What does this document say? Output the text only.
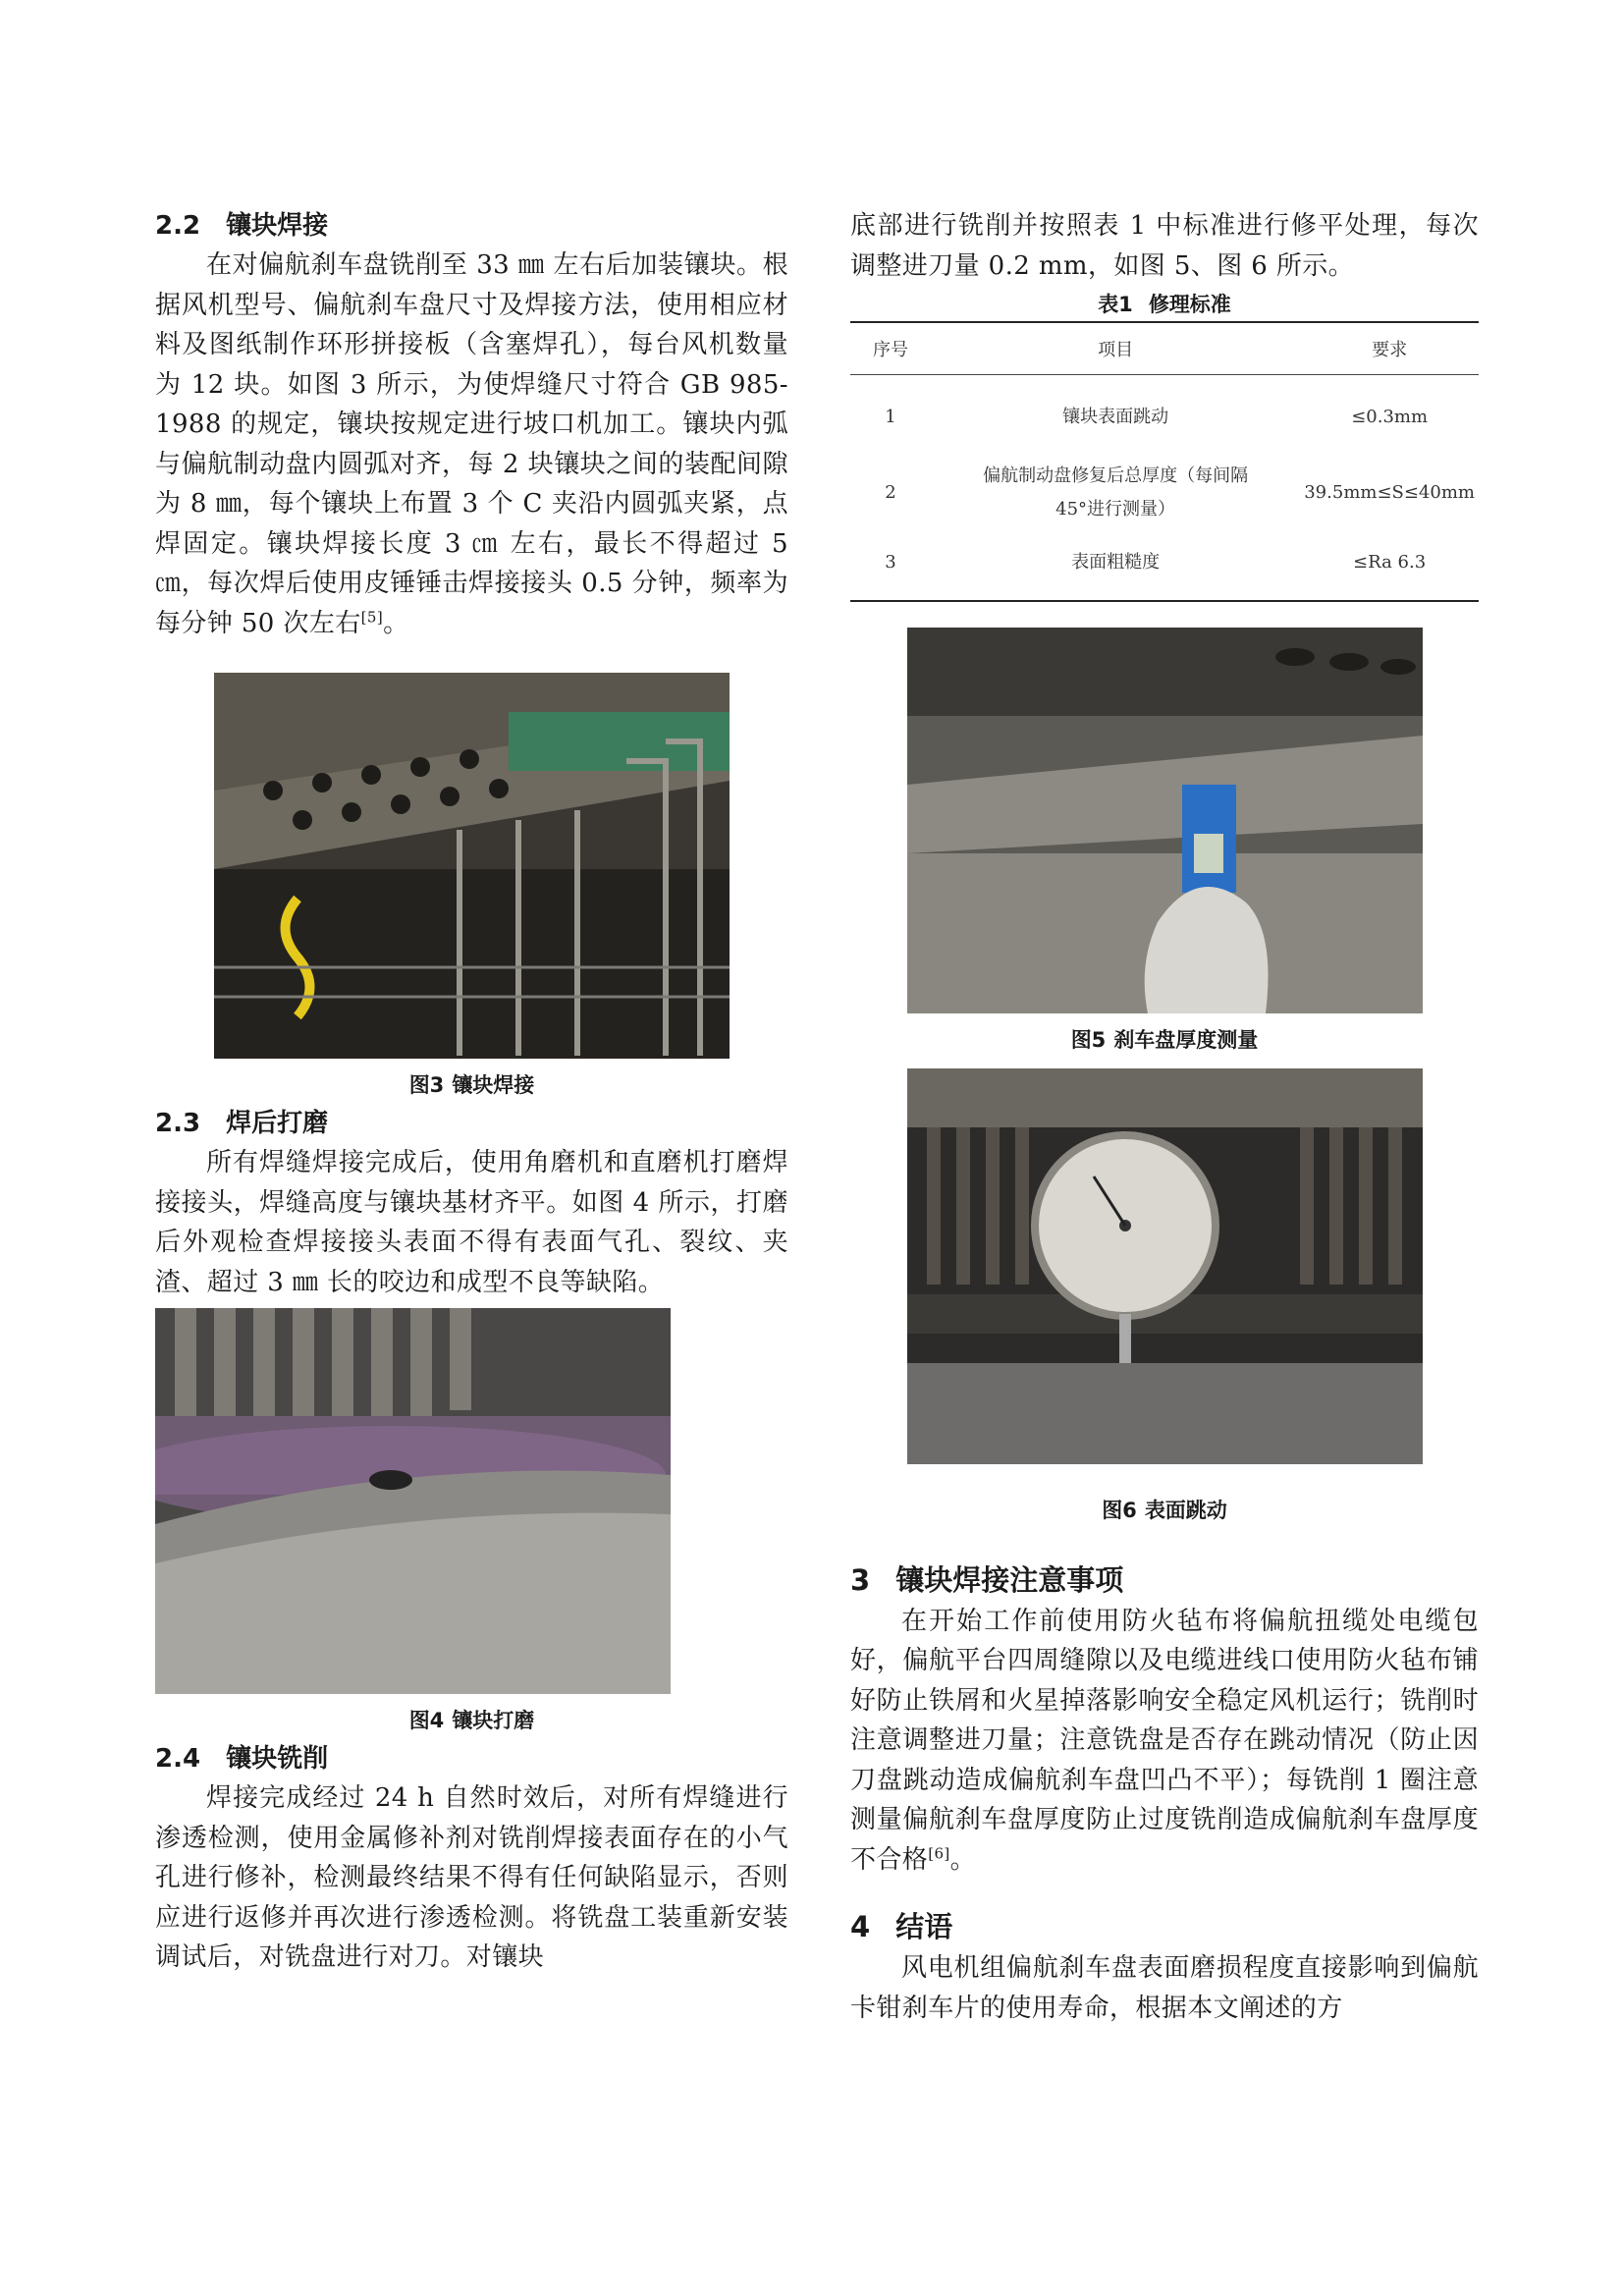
2.2 镶块焊接

在对偏航刹车盘铣削至 33 ㎜ 左右后加装镶块。根据风机型号、偏航刹车盘尺寸及焊接方法，使用相应材料及图纸制作环形拼接板（含塞焊孔），每台风机数量为 12 块。如图 3 所示，为使焊缝尺寸符合 GB 985-1988 的规定，镶块按规定进行坡口机加工。镶块内弧与偏航制动盘内圆弧对齐，每 2 块镶块之间的装配间隙为 8 ㎜，每个镶块上布置 3 个 C 夹沿内圆弧夹紧，点焊固定。镶块焊接长度 3 ㎝ 左右，最长不得超过 5 ㎝，每次焊后使用皮锤锤击焊接接头 0.5 分钟，频率为每分钟 50 次左右[5]。

图3 镶块焊接
2.3 焊后打磨

所有焊缝焊接完成后，使用角磨机和直磨机打磨焊接接头，焊缝高度与镶块基材齐平。如图 4 所示，打磨后外观检查焊接接头表面不得有表面气孔、裂纹、夹渣、超过 3 ㎜ 长的咬边和成型不良等缺陷。

图4 镶块打磨
2.4 镶块铣削

焊接完成经过 24 h 自然时效后，对所有焊缝进行渗透检测，使用金属修补剂对铣削焊接表面存在的小气孔进行修补，检测最终结果不得有任何缺陷显示，否则应进行返修并再次进行渗透检测。将铣盘工装重新安装调试后，对铣盘进行对刀。对镶块

底部进行铣削并按照表 1 中标准进行修平处理，每次调整进刀量 0.2 mm，如图 5、图 6 所示。

表1 修理标准
序号	项目	要求
1	镶块表面跳动	≤0.3mm
2	偏航制动盘修复后总厚度（每间隔 45°进行测量）	39.5mm≤S≤40mm
3	表面粗糙度	≤Ra 6.3
图5 刹车盘厚度测量
图6 表面跳动
3 镶块焊接注意事项

在开始工作前使用防火毡布将偏航扭缆处电缆包好，偏航平台四周缝隙以及电缆进线口使用防火毡布铺好防止铁屑和火星掉落影响安全稳定风机运行；铣削时注意调整进刀量；注意铣盘是否存在跳动情况（防止因刀盘跳动造成偏航刹车盘凹凸不平）；每铣削 1 圈注意测量偏航刹车盘厚度防止过度铣削造成偏航刹车盘厚度不合格[6]。

4 结语

风电机组偏航刹车盘表面磨损程度直接影响到偏航卡钳刹车片的使用寿命，根据本文阐述的方
